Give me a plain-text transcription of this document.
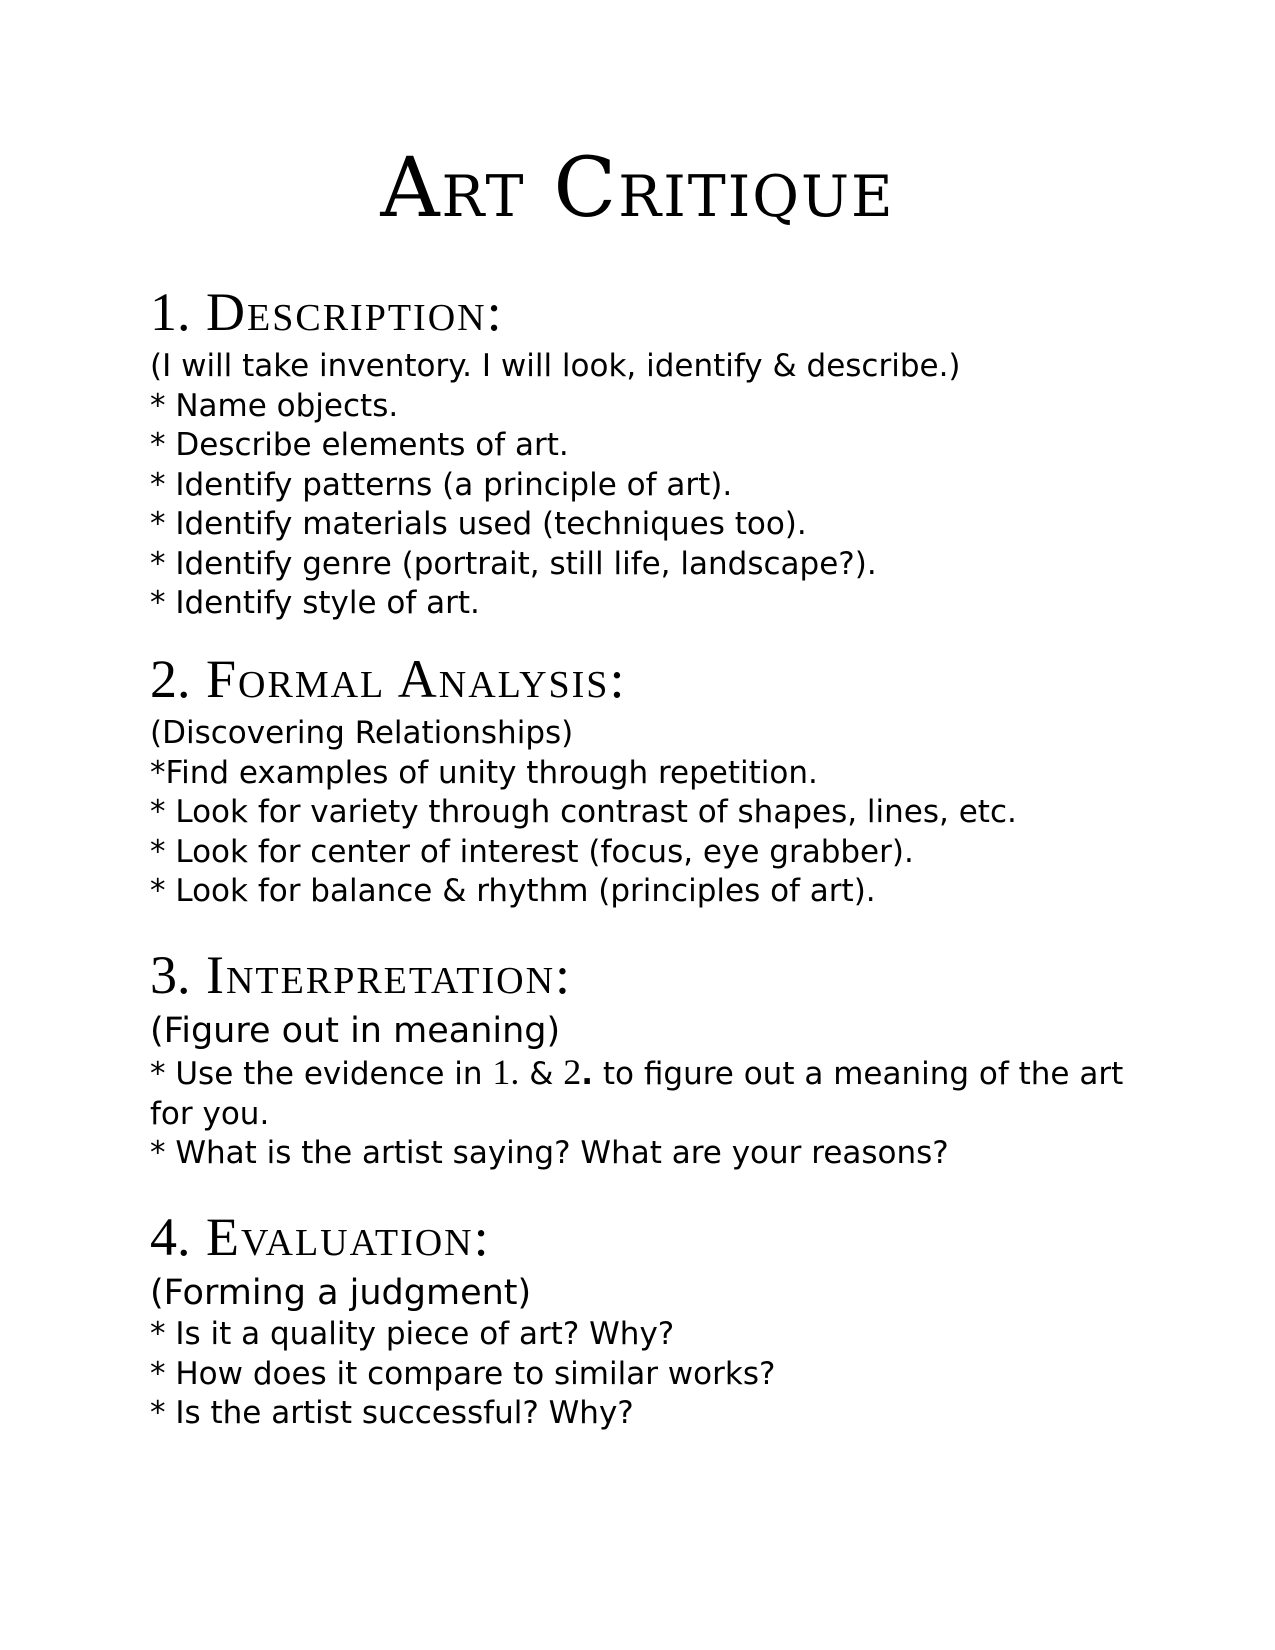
Art Critique
1. Description:
(I will take inventory. I will look, identify & describe.)
* Name objects.
* Describe elements of art.
* Identify patterns (a principle of art).
* Identify materials used (techniques too).
* Identify genre (portrait, still life, landscape?).
* Identify style of art.
2. Formal Analysis:
(Discovering Relationships)
*Find examples of unity through repetition.
* Look for variety through contrast of shapes, lines, etc.
* Look for center of interest (focus, eye grabber).
* Look for balance & rhythm (principles of art).
3. Interpretation:
(Figure out in meaning)
* Use the evidence in 1. & 2. to figure out a meaning of the art for you.
* What is the artist saying? What are your reasons?
4. Evaluation:
(Forming a judgment)
* Is it a quality piece of art? Why?
* How does it compare to similar works?
* Is the artist successful? Why?
